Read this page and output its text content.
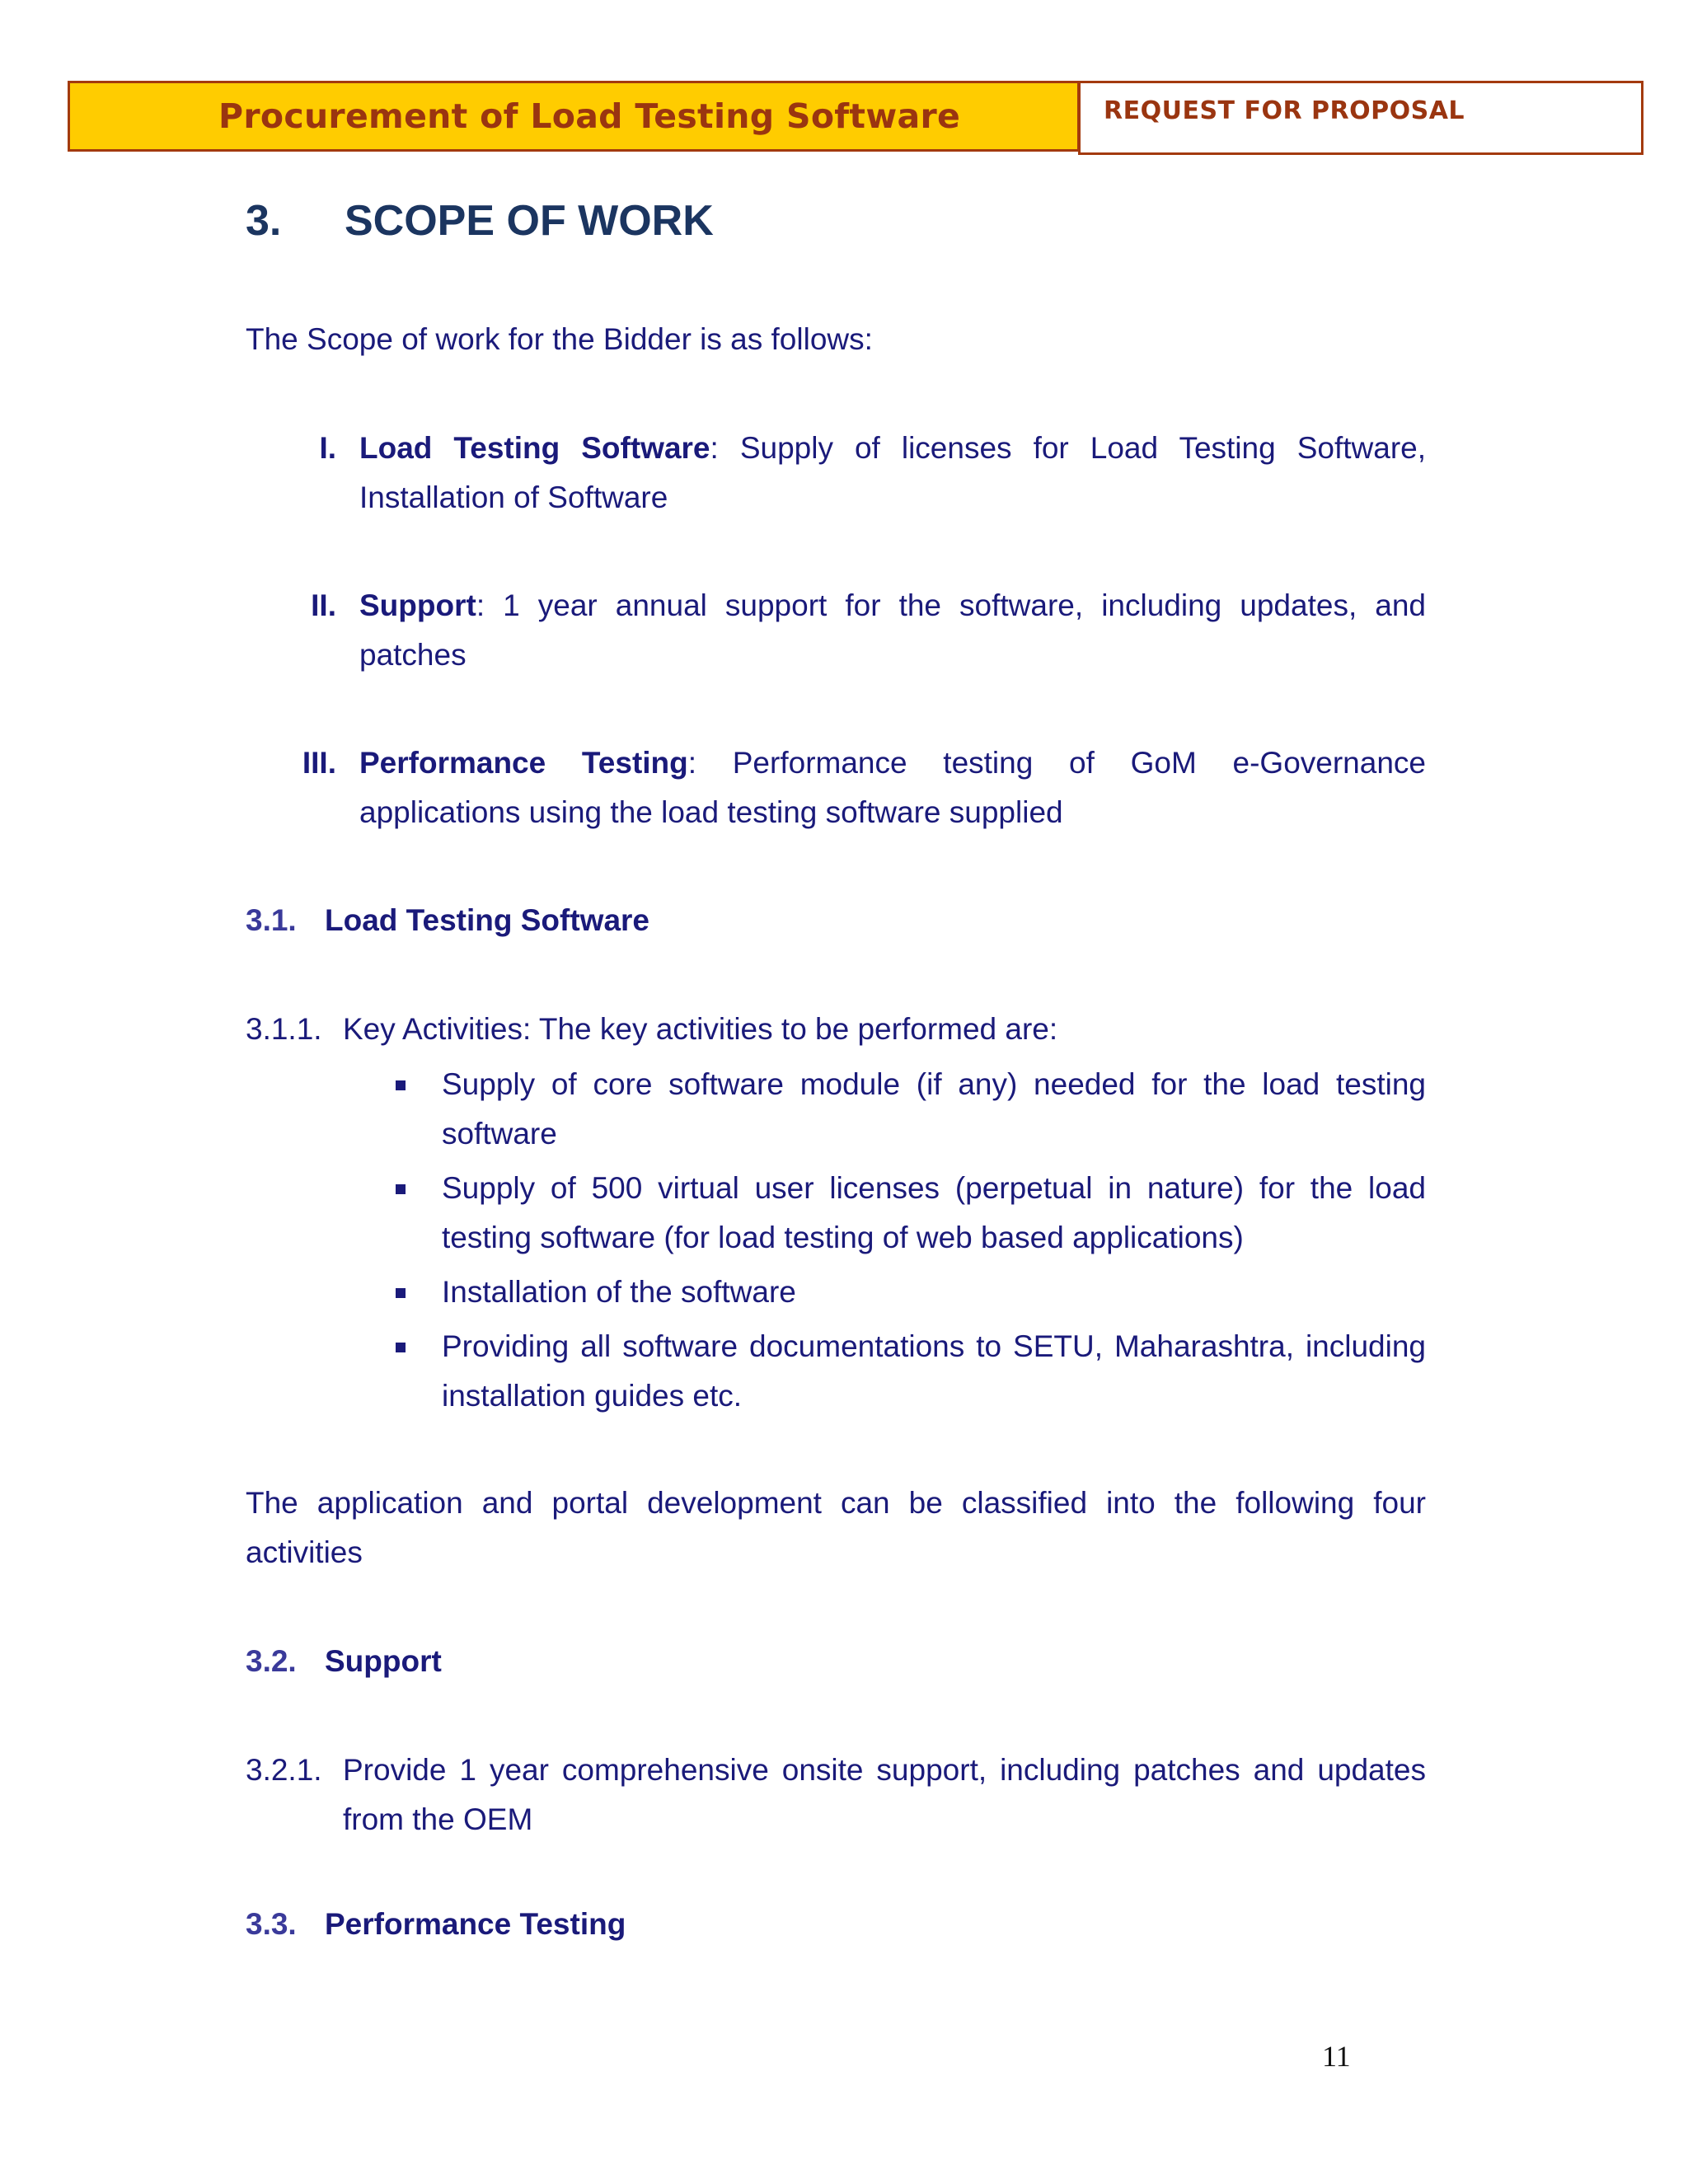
Procurement of Load Testing Software	REQUEST FOR PROPOSAL
3. SCOPE OF WORK
The Scope of work for the Bidder is as follows:
I. Load Testing Software: Supply of licenses for Load Testing Software, Installation of Software
II. Support: 1 year annual support for the software, including updates, and patches
III. Performance Testing: Performance testing of GoM e-Governance applications using the load testing software supplied
3.1. Load Testing Software
3.1.1. Key Activities: The key activities to be performed are:
Supply of core software module (if any) needed for the load testing software
Supply of 500 virtual user licenses (perpetual in nature) for the load testing software (for load testing of web based applications)
Installation of the software
Providing all software documentations to SETU, Maharashtra, including installation guides etc.
The application and portal development can be classified into the following four activities
3.2. Support
3.2.1. Provide 1 year comprehensive onsite support, including patches and updates from the OEM
3.3. Performance Testing
11
